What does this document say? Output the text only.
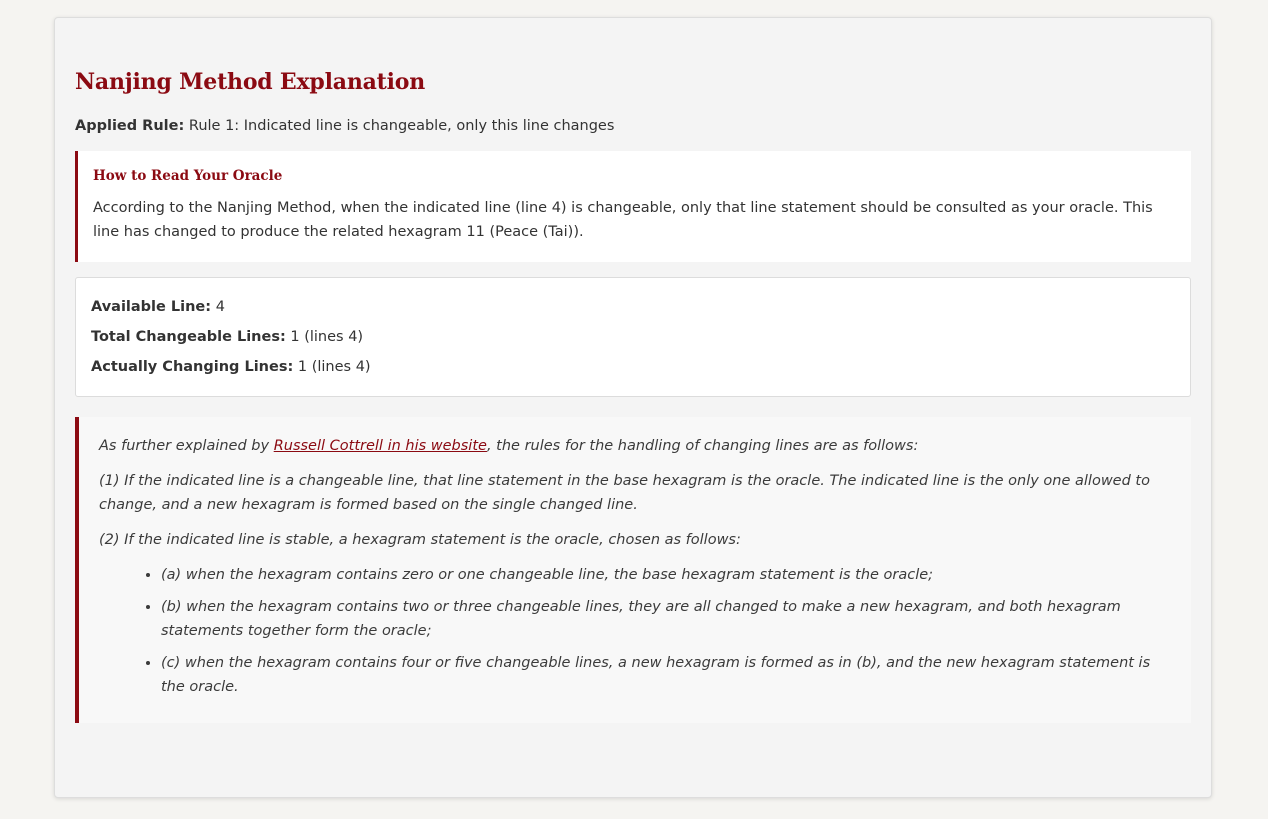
Nanjing Method Explanation
Applied Rule: Rule 1: Indicated line is changeable, only this line changes
How to Read Your Oracle
According to the Nanjing Method, when the indicated line (line 4) is changeable, only that line statement should be consulted as your oracle. This line has changed to produce the related hexagram 11 (Peace (Tai)).
Available Line: 4
Total Changeable Lines: 1 (lines 4)
Actually Changing Lines: 1 (lines 4)

As further explained by Russell Cottrell in his website, the rules for the handling of changing lines are as follows:

(1) If the indicated line is a changeable line, that line statement in the base hexagram is the oracle. The indicated line is the only one allowed to change, and a new hexagram is formed based on the single changed line.

(2) If the indicated line is stable, a hexagram statement is the oracle, chosen as follows:

• (a) when the hexagram contains zero or one changeable line, the base hexagram statement is the oracle;
• (b) when the hexagram contains two or three changeable lines, they are all changed to make a new hexagram, and both hexagram statements together form the oracle;
• (c) when the hexagram contains four or five changeable lines, a new hexagram is formed as in (b), and the new hexagram statement is the oracle.
